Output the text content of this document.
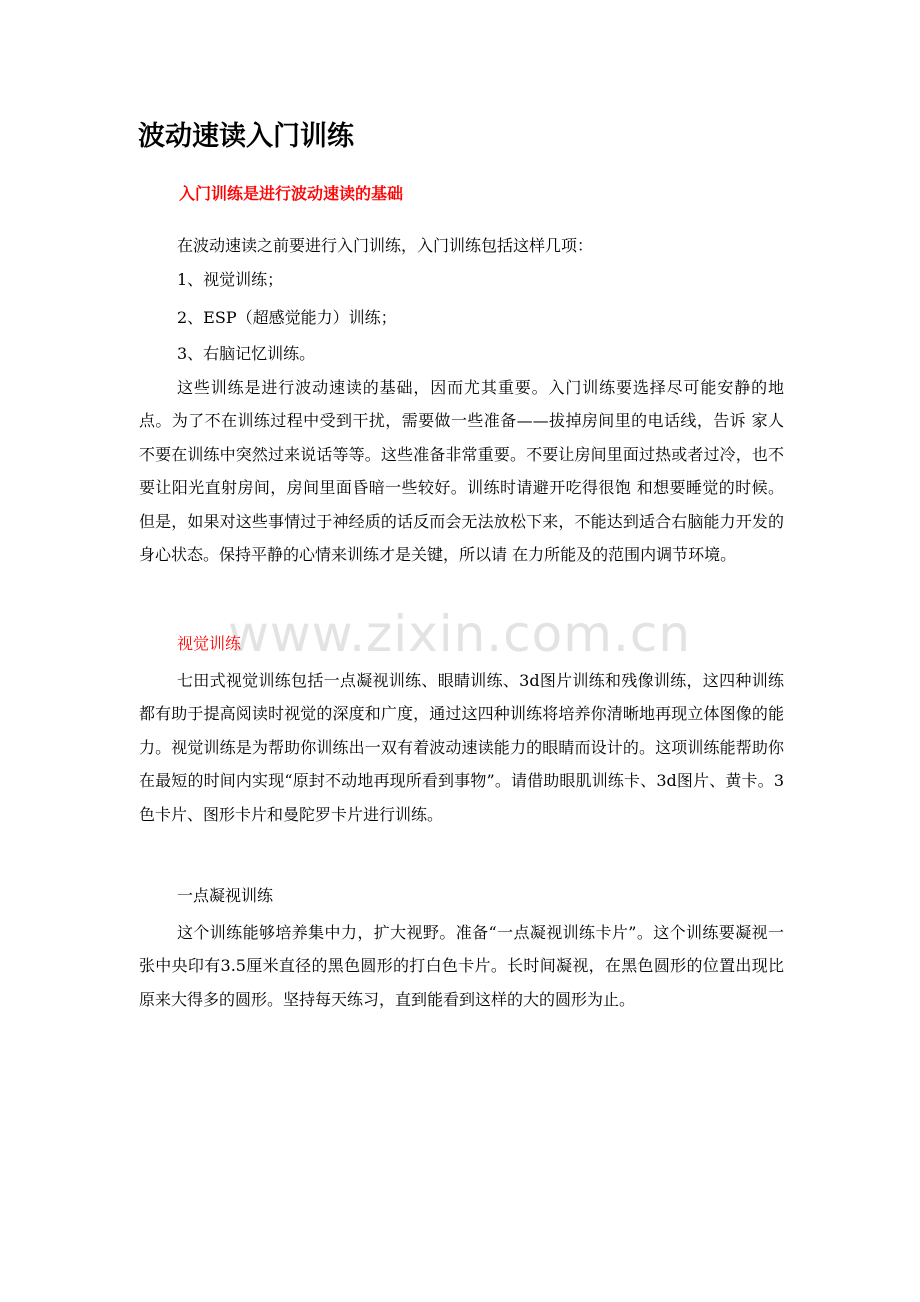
波动速读入门训练
入门训练是进行波动速读的基础
在波动速读之前要进行入门训练，入门训练包括这样几项：
1、视觉训练；
2、ESP（超感觉能力）训练；
3、右脑记忆训练。

这些训练是进行波动速读的基础，因而尤其重要。入门训练要选择尽可能安静的地点。为了不在训练过程中受到干扰，需要做一些准备——拔掉房间里的电话线，告诉 家人不要在训练中突然过来说话等等。这些准备非常重要。不要让房间里面过热或者过冷，也不要让阳光直射房间，房间里面昏暗一些较好。训练时请避开吃得很饱 和想要睡觉的时候。但是，如果对这些事情过于神经质的话反而会无法放松下来，不能达到适合右脑能力开发的身心状态。保持平静的心情来训练才是关键，所以请 在力所能及的范围内调节环境。

www.zixin.com.cn
视觉训练

七田式视觉训练包括一点凝视训练、眼睛训练、3d图片训练和残像训练，这四种训练都有助于提高阅读时视觉的深度和广度，通过这四种训练将培养你清晰地再现立体图像的能力。视觉训练是为帮助你训练出一双有着波动速读能力的眼睛而设计的。这项训练能帮助你在最短的时间内实现“原封不动地再现所看到事物”。请借助眼肌训练卡、3d图片、黄卡。3色卡片、图形卡片和曼陀罗卡片进行训练。

一点凝视训练

这个训练能够培养集中力，扩大视野。准备“一点凝视训练卡片”。这个训练要凝视一张中央印有3.5厘米直径的黑色圆形的打白色卡片。长时间凝视，在黑色圆形的位置出现比原来大得多的圆形。坚持每天练习，直到能看到这样的大的圆形为止。
